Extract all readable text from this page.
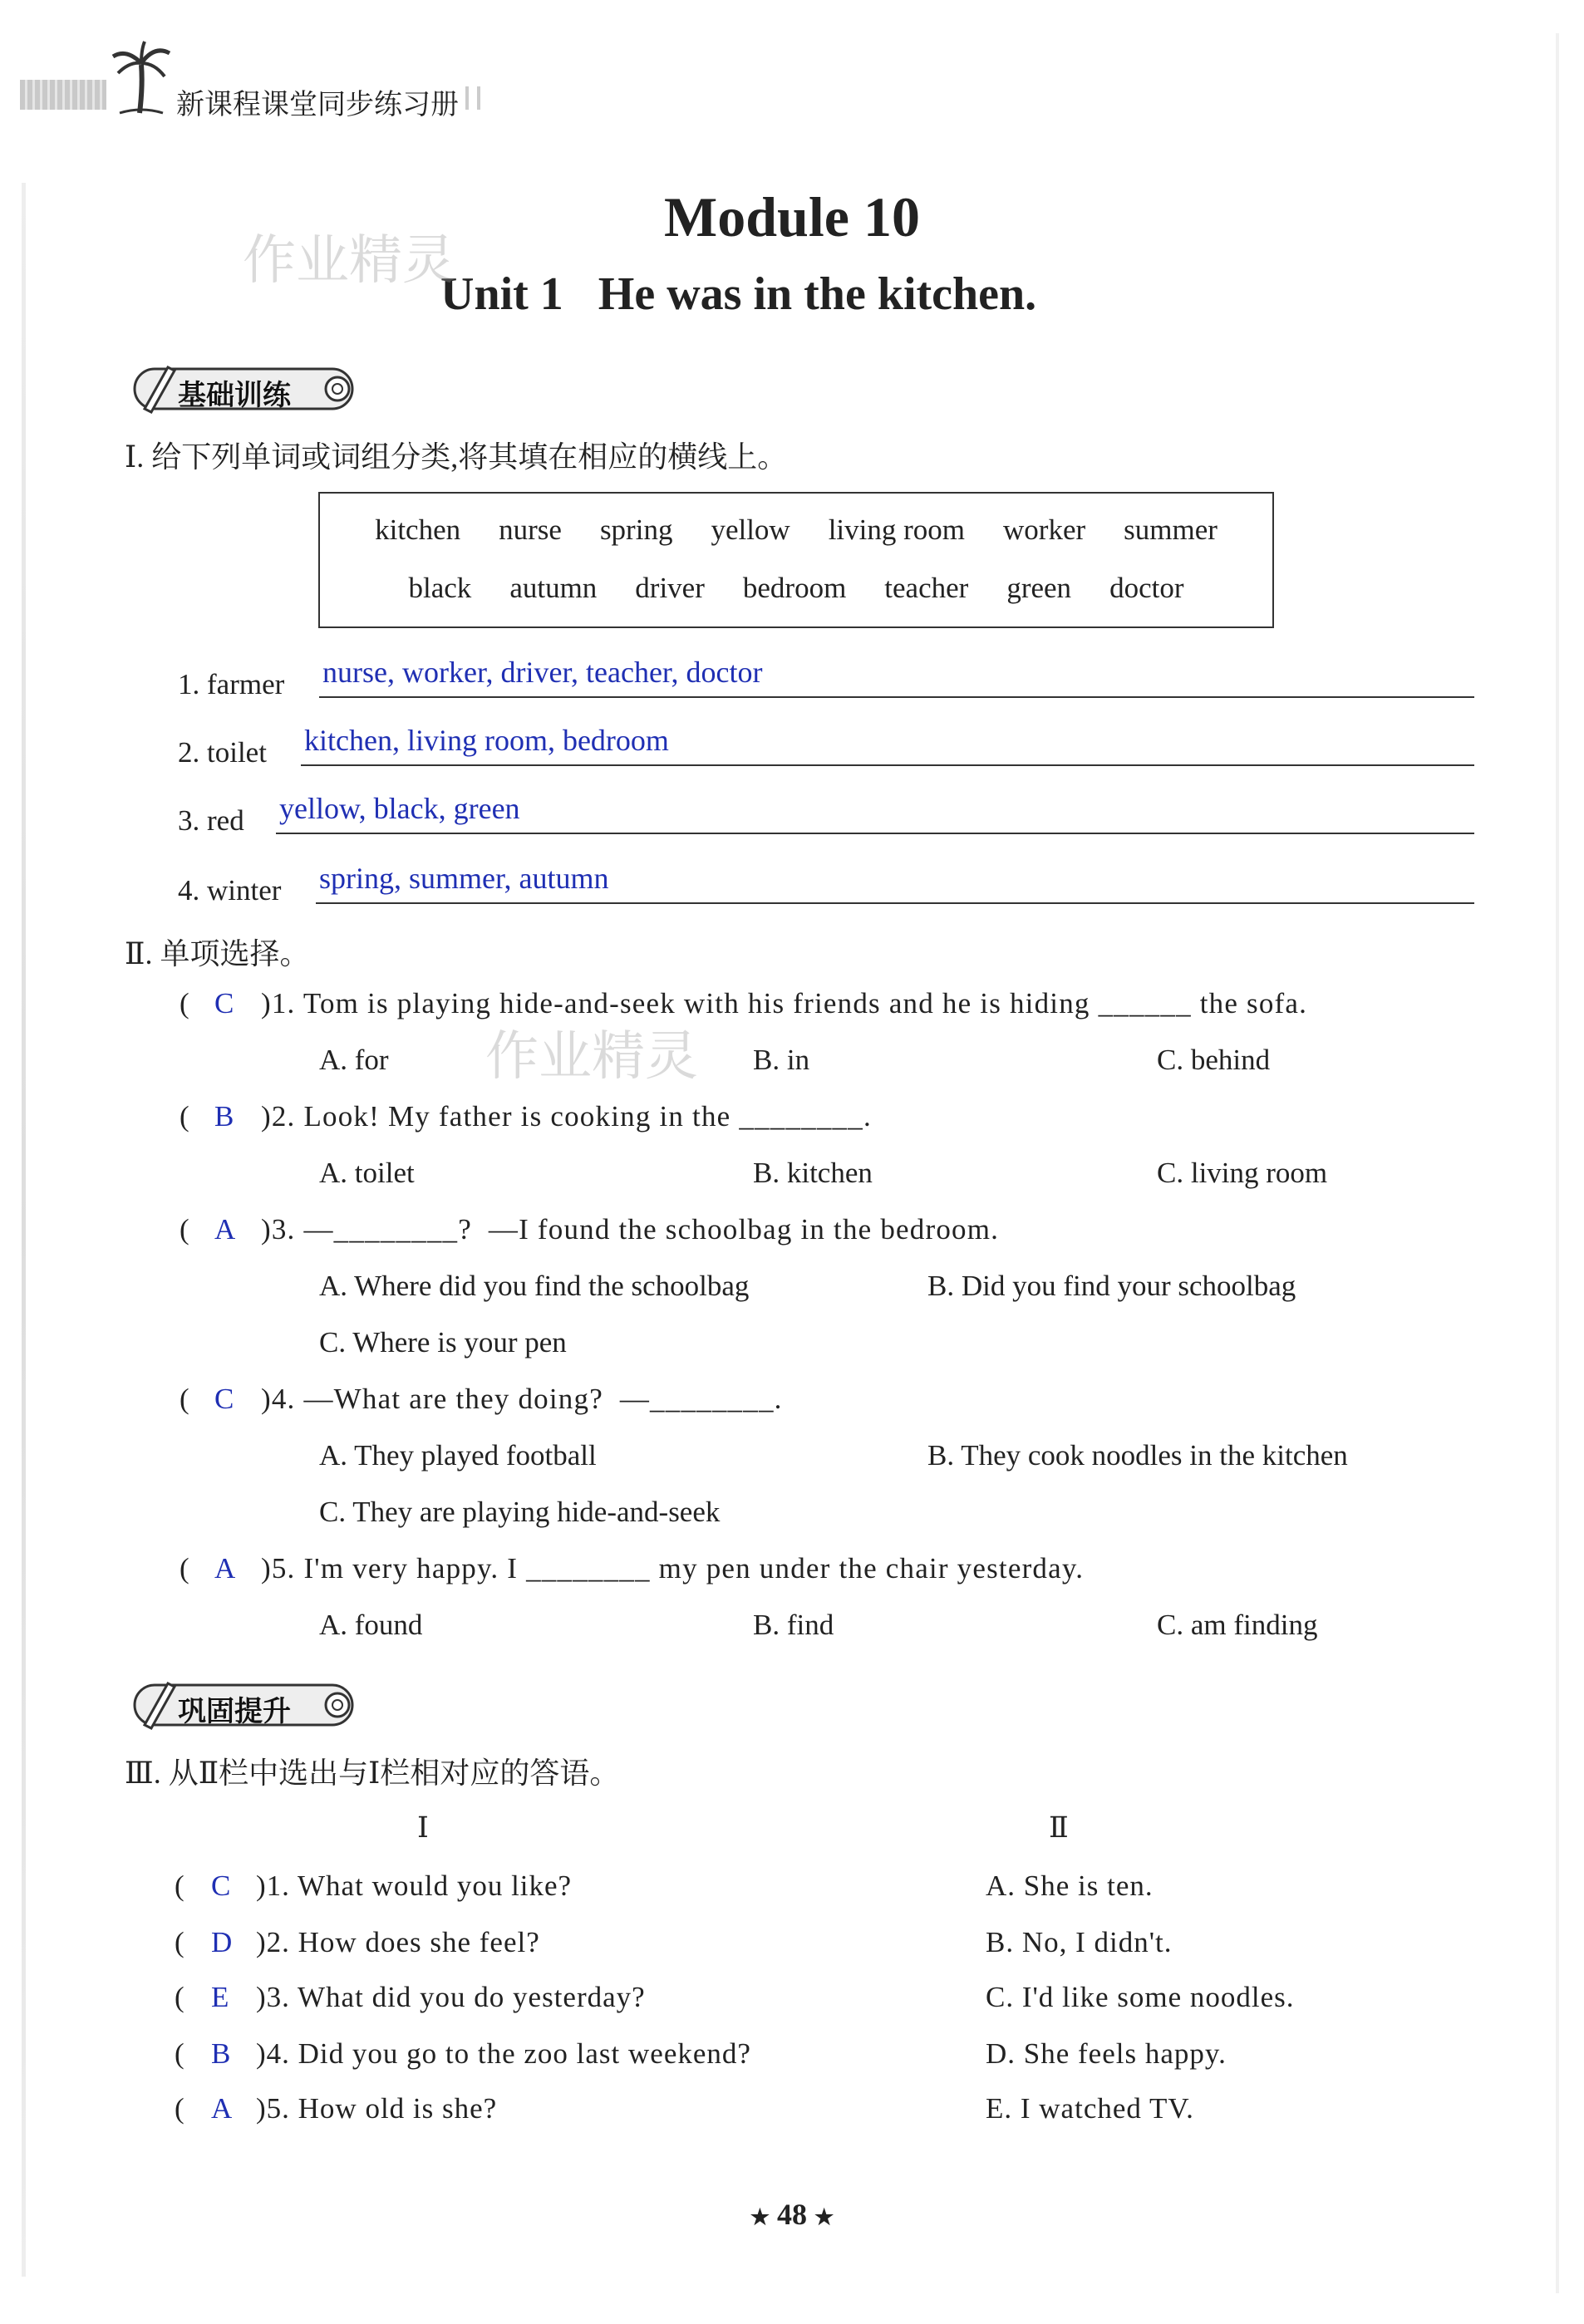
新课程课堂同步练习册
Module 10
Unit 1   He was in the kitchen.
作业精灵
作业精灵
基础训练
Ⅰ. 给下列单词或词组分类,将其填在相应的横线上。
kitchen nurse spring yellow living room worker summer
black autumn driver bedroom teacher green doctor
1. farmer nurse, worker, driver, teacher, doctor
2. toilet kitchen, living room, bedroom
3. red yellow, black, green
4. winter spring, summer, autumn
Ⅱ. 单项选择。
( C )1. Tom is playing hide-and-seek with his friends and he is hiding ______ the sofa.
A. for	B. in	C. behind
( B )2. Look! My father is cooking in the ________.
A. toilet	B. kitchen	C. living room
( A )3. —________?  —I found the schoolbag in the bedroom.
A. Where did you find the schoolbag	B. Did you find your schoolbag
C. Where is your pen
( C )4. —What are they doing?  —________.
A. They played football	B. They cook noodles in the kitchen
C. They are playing hide-and-seek
( A )5. I'm very happy. I ________ my pen under the chair yesterday.
A. found	B. find	C. am finding
巩固提升
Ⅲ. 从Ⅱ栏中选出与Ⅰ栏相对应的答语。
Ⅰ	Ⅱ
( C )1. What would you like?	A. She is ten.
( D )2. How does she feel?	B. No, I didn't.
( E )3. What did you do yesterday?	C. I'd like some noodles.
( B )4. Did you go to the zoo last weekend?	D. She feels happy.
( A )5. How old is she?	E. I watched TV.
★ 48 ★
